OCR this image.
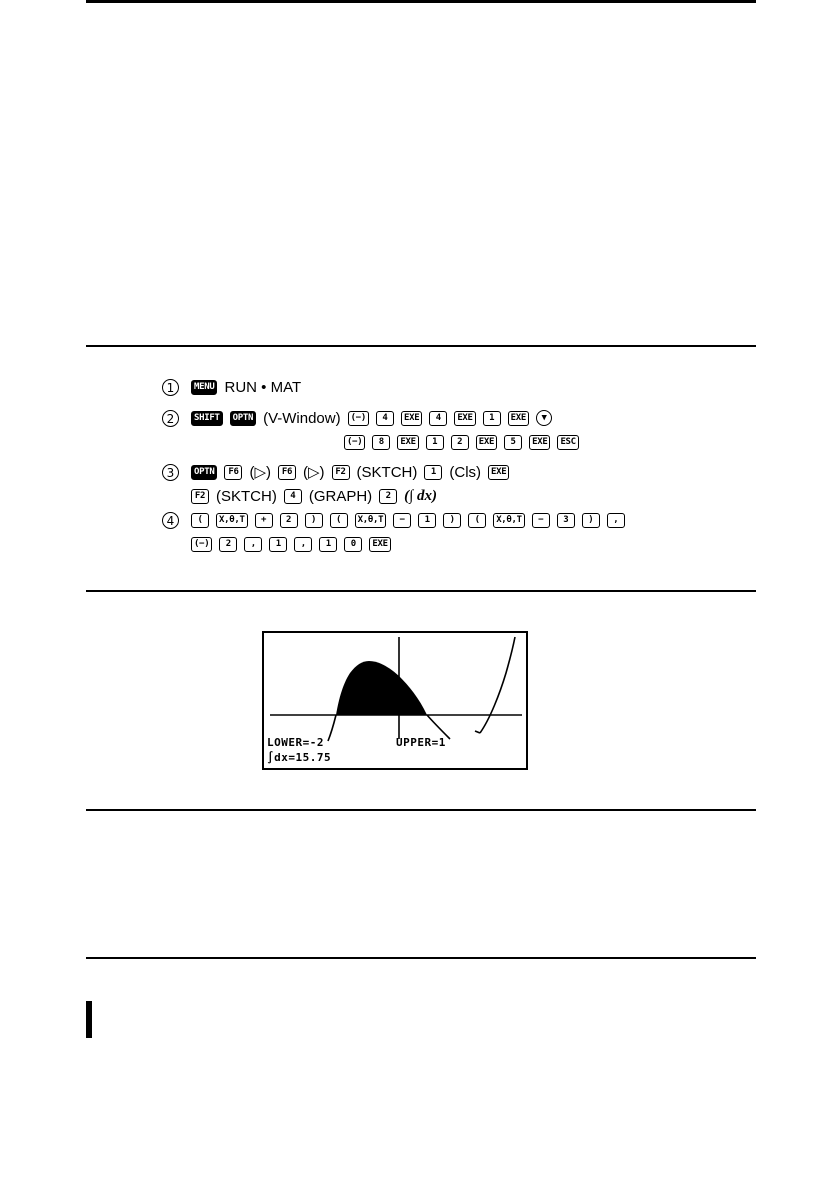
1	MENU RUN • MAT
2	SHIFT	OPTN (V-Window)	(−)	4	EXE	4	EXE	1	EXE	▼
(−)	8	EXE	1	2	EXE	5	EXE	ESC
3	OPTN	F6 (▷)	F6 (▷)	F2 (SKTCH)	1 (Cls)	EXE
F2 (SKTCH)	4 (GRAPH)	2 (∫ dx)
4	(	X,θ,T	+	2	)	(	X,θ,T	−	1	)	(	X,θ,T	−	3	)	,
(−)	2	,	1	,	1	0	EXE
LOWER=-2	UPPER=1
∫dx=15.75
